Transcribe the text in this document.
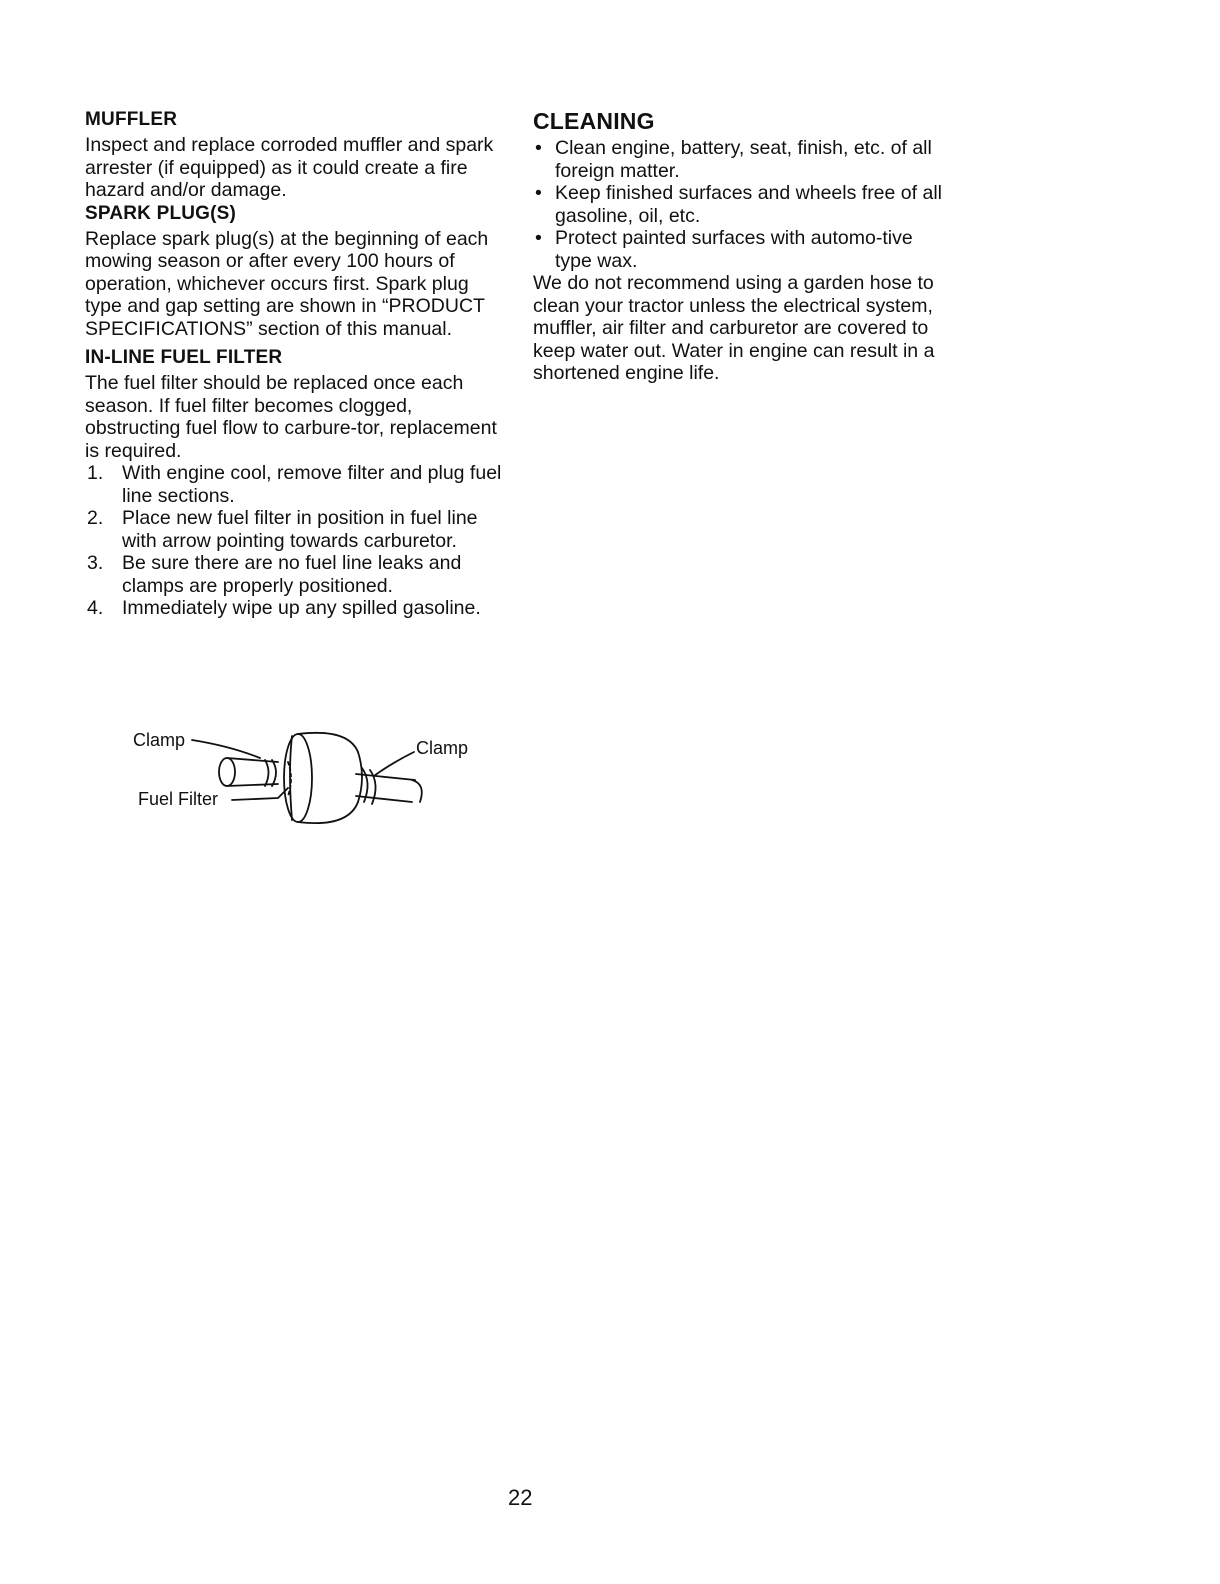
MUFFLER

Inspect and replace corroded muffler and spark arrester (if equipped) as it could create a fire hazard and/or damage.

SPARK PLUG(S)

Replace spark plug(s) at the beginning of each mowing season or after every 100 hours of operation, whichever occurs first. Spark plug type and gap setting are shown in “PRODUCT SPECIFICATIONS” section of this manual.

IN-LINE FUEL FILTER

The fuel filter should be replaced once each season. If fuel filter becomes clogged, obstructing fuel flow to carbure-tor, replacement is required.

1. With engine cool, remove filter and plug fuel line sections.
2. Place new fuel filter in position in fuel line with arrow pointing towards carburetor.
3. Be sure there are no fuel line leaks and clamps are properly positioned.
4. Immediately wipe up any spilled gasoline.
Clamp	Clamp
Fuel Filter
CLEANING
• Clean engine, battery, seat, finish, etc. of all foreign matter.
• Keep finished surfaces and wheels free of all gasoline, oil, etc.
• Protect painted surfaces with automo-tive type wax.

We do not recommend using a garden hose to clean your tractor unless the electrical system, muffler, air filter and carburetor are covered to keep water out. Water in engine can result in a shortened engine life.

22
